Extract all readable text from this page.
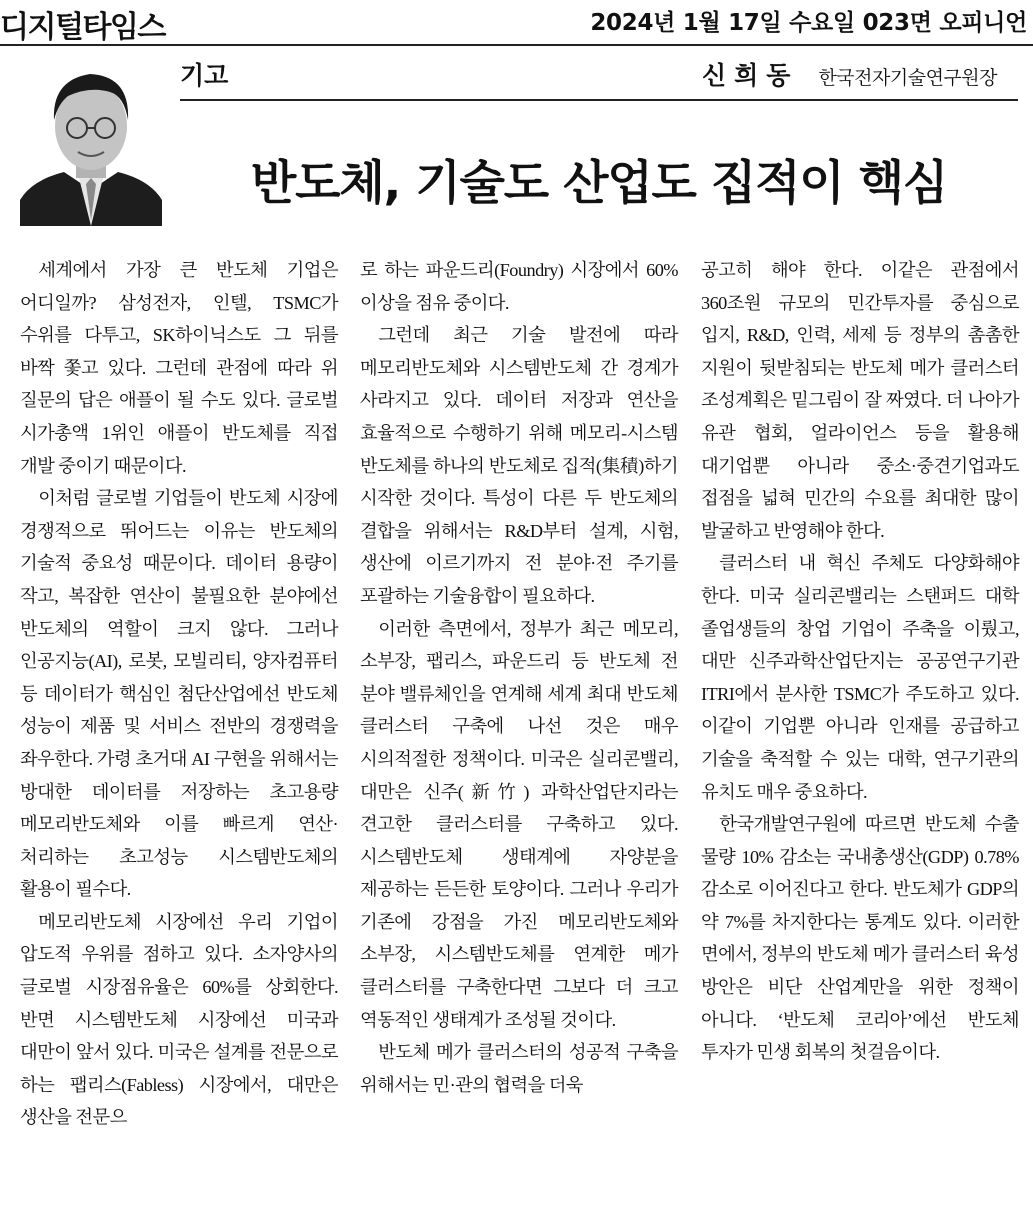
디지털타임스	2024년 1월 17일 수요일 023면 오피니언
기고	신희동 한국전자기술연구원장
반도체, 기술도 산업도 집적이 핵심

세계에서 가장 큰 반도체 기업은 어디일까? 삼성전자, 인텔, TSMC가 수위를 다투고, SK하이닉스도 그 뒤를 바짝 쫓고 있다. 그런데 관점에 따라 위 질문의 답은 애플이 될 수도 있다. 글로벌 시가총액 1위인 애플이 반도체를 직접 개발 중이기 때문이다.

이처럼 글로벌 기업들이 반도체 시장에 경쟁적으로 뛰어드는 이유는 반도체의 기술적 중요성 때문이다. 데이터 용량이 작고, 복잡한 연산이 불필요한 분야에선 반도체의 역할이 크지 않다. 그러나 인공지능(AI), 로봇, 모빌리티, 양자컴퓨터 등 데이터가 핵심인 첨단산업에선 반도체 성능이 제품 및 서비스 전반의 경쟁력을 좌우한다. 가령 초거대 AI 구현을 위해서는 방대한 데이터를 저장하는 초고용량 메모리반도체와 이를 빠르게 연산·처리하는 초고성능 시스템반도체의 활용이 필수다.

메모리반도체 시장에선 우리 기업이 압도적 우위를 점하고 있다. 소자양사의 글로벌 시장점유율은 60%를 상회한다. 반면 시스템반도체 시장에선 미국과 대만이 앞서 있다. 미국은 설계를 전문으로 하는 팹리스(Fabless) 시장에서, 대만은 생산을 전문으

로 하는 파운드리(Foundry) 시장에서 60% 이상을 점유 중이다.

그런데 최근 기술 발전에 따라 메모리반도체와 시스템반도체 간 경계가 사라지고 있다. 데이터 저장과 연산을 효율적으로 수행하기 위해 메모리-시스템 반도체를 하나의 반도체로 집적(集積)하기 시작한 것이다. 특성이 다른 두 반도체의 결합을 위해서는 R&D부터 설계, 시험, 생산에 이르기까지 전 분야·전 주기를 포괄하는 기술융합이 필요하다.

이러한 측면에서, 정부가 최근 메모리, 소부장, 팹리스, 파운드리 등 반도체 전 분야 밸류체인을 연계해 세계 최대 반도체 클러스터 구축에 나선 것은 매우 시의적절한 정책이다. 미국은 실리콘밸리, 대만은 신주(新竹) 과학산업단지라는 견고한 클러스터를 구축하고 있다. 시스템반도체 생태계에 자양분을 제공하는 든든한 토양이다. 그러나 우리가 기존에 강점을 가진 메모리반도체와 소부장, 시스템반도체를 연계한 메가 클러스터를 구축한다면 그보다 더 크고 역동적인 생태계가 조성될 것이다.

반도체 메가 클러스터의 성공적 구축을 위해서는 민·관의 협력을 더욱

공고히 해야 한다. 이같은 관점에서 360조원 규모의 민간투자를 중심으로 입지, R&D, 인력, 세제 등 정부의 촘촘한 지원이 뒷받침되는 반도체 메가 클러스터 조성계획은 밑그림이 잘 짜였다. 더 나아가 유관 협회, 얼라이언스 등을 활용해 대기업뿐 아니라 중소·중견기업과도 접점을 넓혀 민간의 수요를 최대한 많이 발굴하고 반영해야 한다.

클러스터 내 혁신 주체도 다양화해야 한다. 미국 실리콘밸리는 스탠퍼드 대학 졸업생들의 창업 기업이 주축을 이뤘고, 대만 신주과학산업단지는 공공연구기관 ITRI에서 분사한 TSMC가 주도하고 있다. 이같이 기업뿐 아니라 인재를 공급하고 기술을 축적할 수 있는 대학, 연구기관의 유치도 매우 중요하다.

한국개발연구원에 따르면 반도체 수출 물량 10% 감소는 국내총생산(GDP) 0.78% 감소로 이어진다고 한다. 반도체가 GDP의 약 7%를 차지한다는 통계도 있다. 이러한 면에서, 정부의 반도체 메가 클러스터 육성 방안은 비단 산업계만을 위한 정책이 아니다. ‘반도체 코리아’에선 반도체 투자가 민생 회복의 첫걸음이다.
